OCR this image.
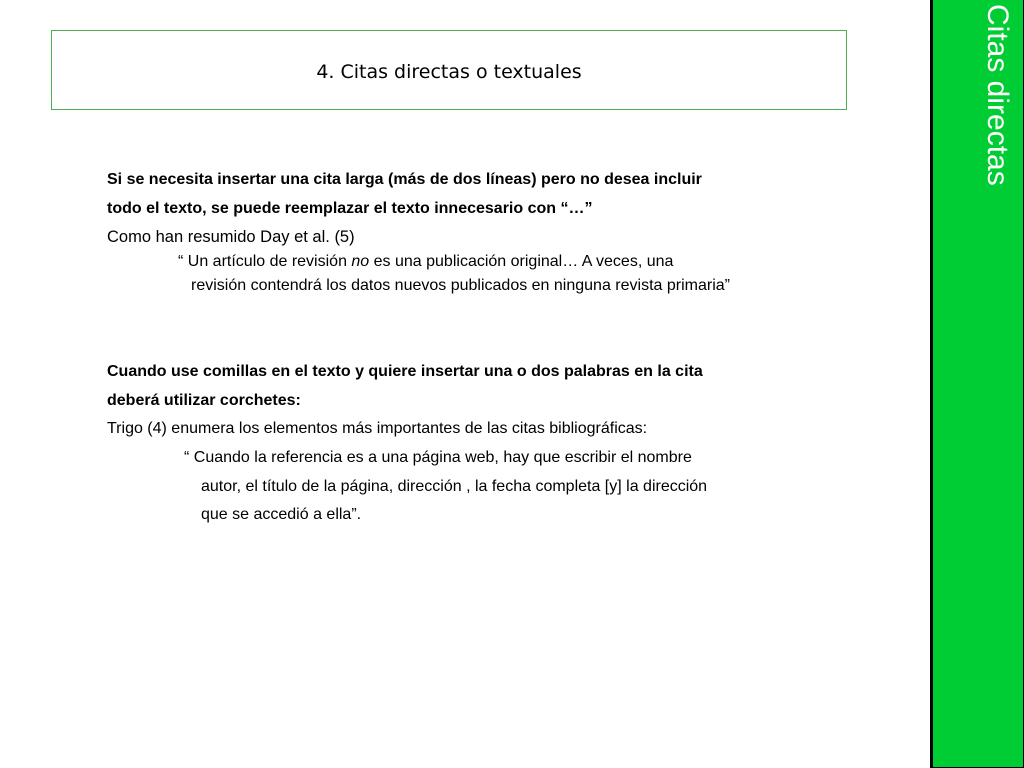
4. Citas directas o textuales	Citas directas
Si se necesita insertar una cita larga (más de dos líneas) pero no desea incluir
todo el texto, se puede reemplazar el texto innecesario con “…”
Como han resumido Day et al. (5)
“ Un artículo de revisión no es una publicación original… A veces, una
revisión contendrá los datos nuevos publicados en ninguna revista primaria”
Cuando use comillas en el texto y quiere insertar una o dos palabras en la cita
deberá utilizar corchetes:
Trigo (4) enumera los elementos más importantes de las citas bibliográficas:
“ Cuando la referencia es a una página web, hay que escribir el nombre
autor, el título de la página, dirección , la fecha completa [y] la dirección
que se accedió a ella”.
